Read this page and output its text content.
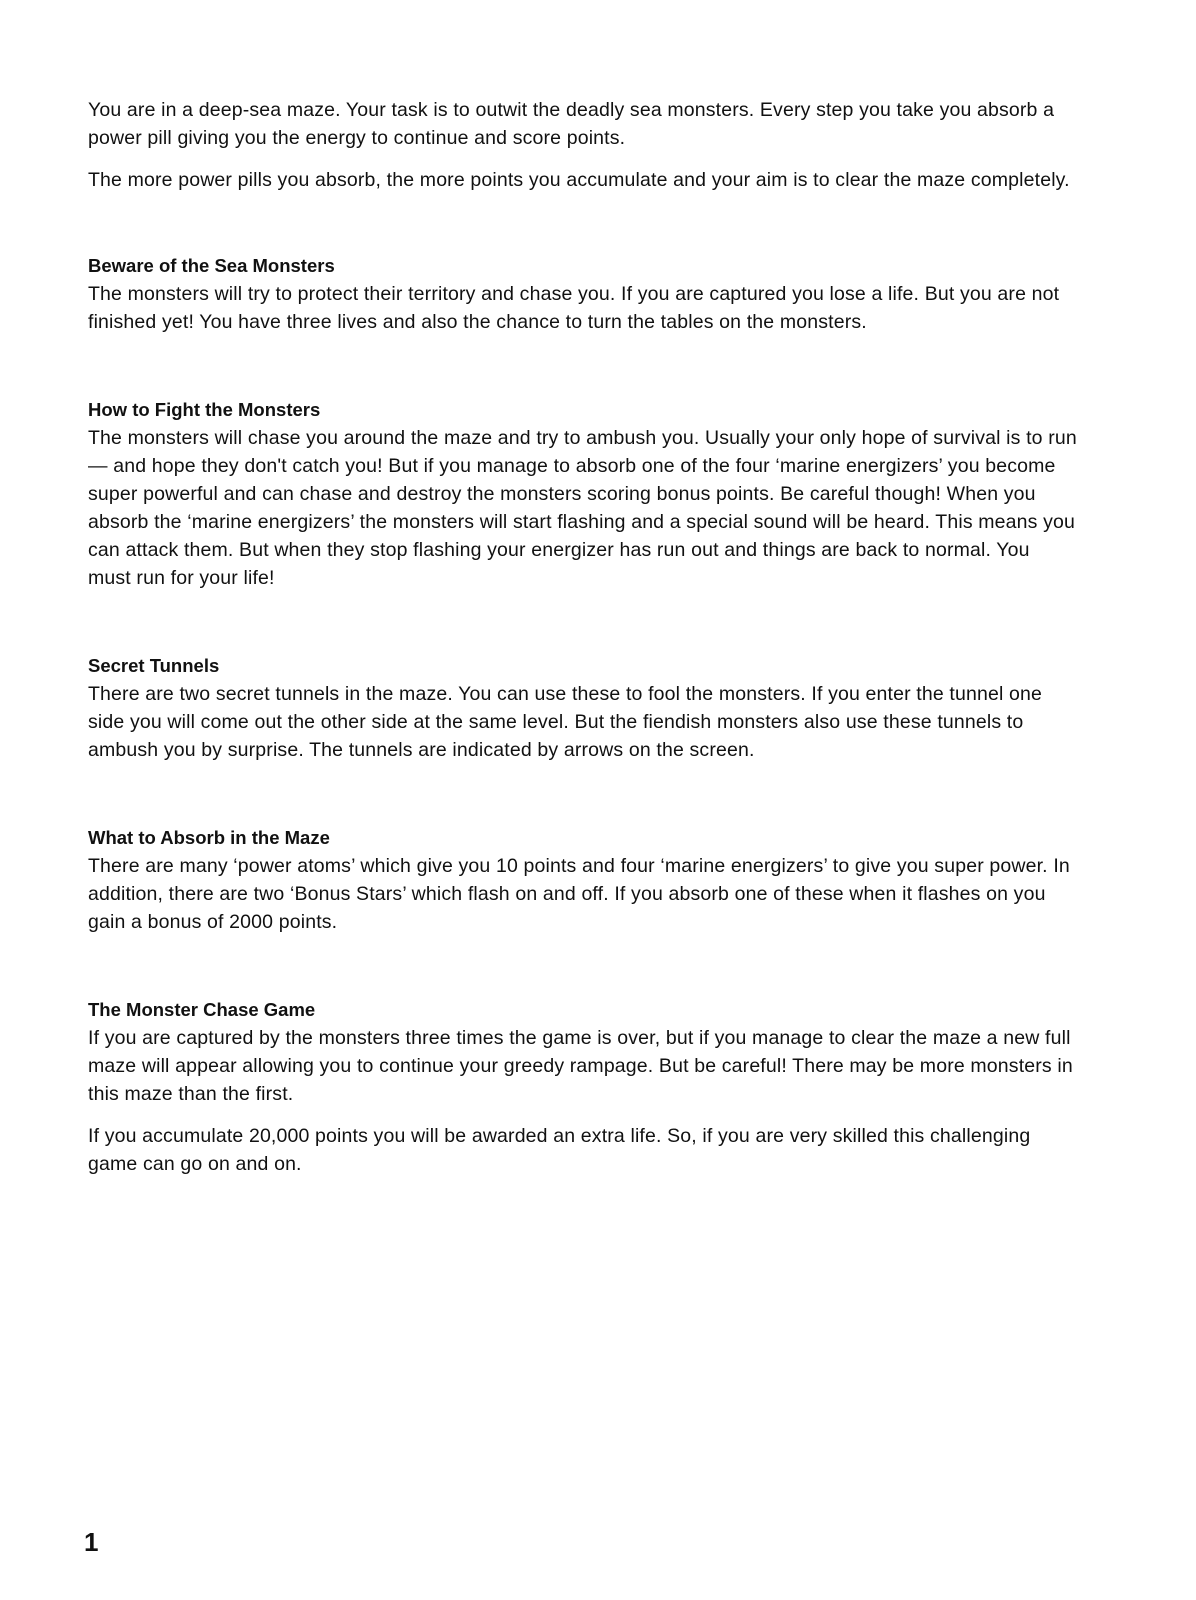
You are in a deep-sea maze. Your task is to outwit the deadly sea monsters. Every step you take you absorb a power pill giving you the energy to continue and score points.

The more power pills you absorb, the more points you accumulate and your aim is to clear the maze completely.

Beware of the Sea Monsters

The monsters will try to protect their territory and chase you. If you are captured you lose a life. But you are not finished yet! You have three lives and also the chance to turn the tables on the monsters.

How to Fight the Monsters

The monsters will chase you around the maze and try to ambush you. Usually your only hope of survival is to run — and hope they don't catch you! But if you manage to absorb one of the four ‘marine energizers’ you become super powerful and can chase and destroy the monsters scoring bonus points. Be careful though! When you absorb the ‘marine energizers’ the monsters will start flashing and a special sound will be heard. This means you can attack them. But when they stop flashing your energizer has run out and things are back to normal. You must run for your life!

Secret Tunnels

There are two secret tunnels in the maze. You can use these to fool the monsters. If you enter the tunnel one side you will come out the other side at the same level. But the fiendish monsters also use these tunnels to ambush you by surprise. The tunnels are indicated by arrows on the screen.

What to Absorb in the Maze

There are many ‘power atoms’ which give you 10 points and four ‘marine energizers’ to give you super power. In addition, there are two ‘Bonus Stars’ which flash on and off. If you absorb one of these when it flashes on you gain a bonus of 2000 points.

The Monster Chase Game

If you are captured by the monsters three times the game is over, but if you manage to clear the maze a new full maze will appear allowing you to continue your greedy rampage. But be careful! There may be more monsters in this maze than the first.

If you accumulate 20,000 points you will be awarded an extra life. So, if you are very skilled this challenging game can go on and on.

1
